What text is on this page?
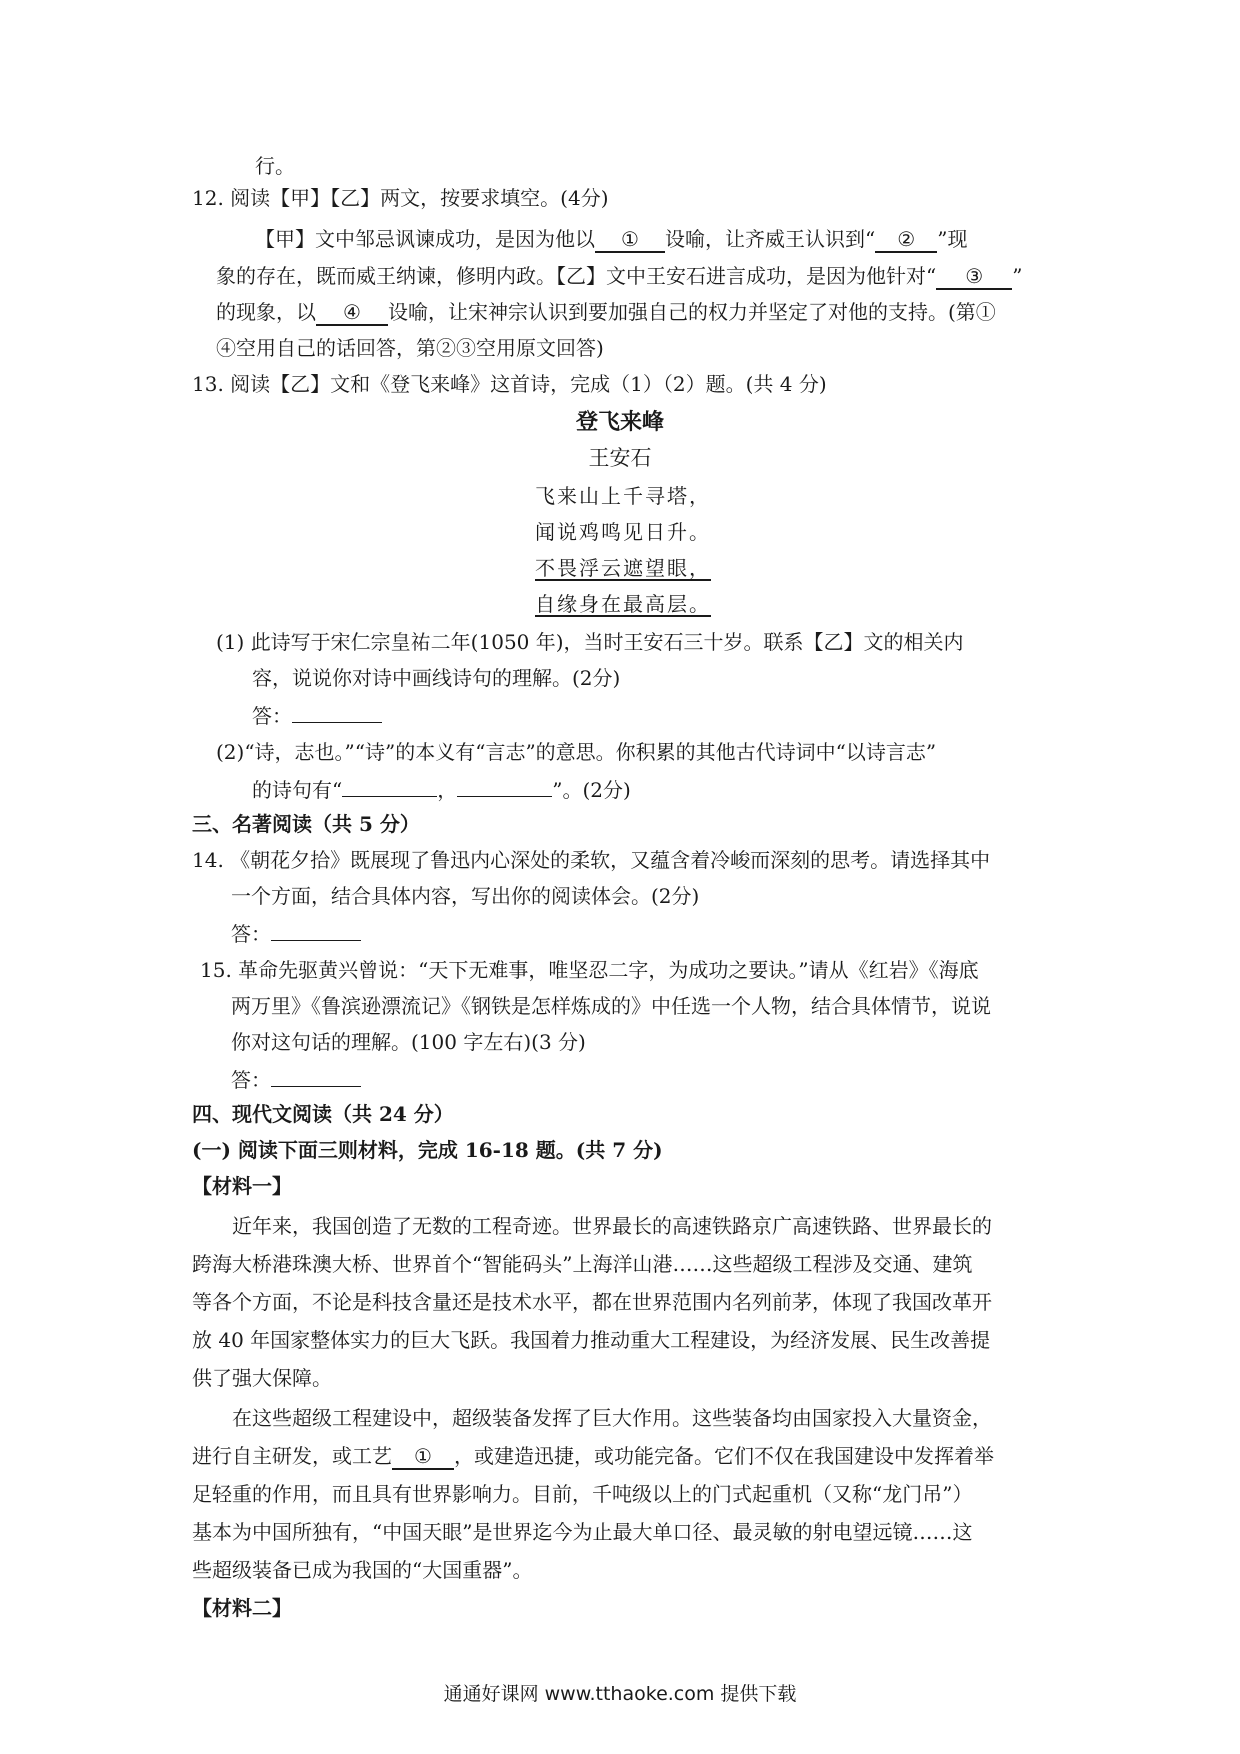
行。
12. 阅读【甲】【乙】两文，按要求填空。(4分)
【甲】文中邹忌讽谏成功，是因为他以 ① 设喻，让齐威王认识到“ ② ”现
象的存在，既而威王纳谏，修明内政。【乙】文中王安石进言成功，是因为他针对“ ③ ”
的现象，以 ④ 设喻，让宋神宗认识到要加强自己的权力并坚定了对他的支持。(第①
④空用自己的话回答，第②③空用原文回答)
13. 阅读【乙】文和《登飞来峰》这首诗，完成（1）（2）题。(共 4 分)
登飞来峰
王安石
飞来山上千寻塔，
闻说鸡鸣见日升。
不畏浮云遮望眼，
自缘身在最高层。
(1) 此诗写于宋仁宗皇祐二年(1050 年)，当时王安石三十岁。联系【乙】文的相关内
容，说说你对诗中画线诗句的理解。(2分)
答：
(2)“诗，志也。”“诗”的本义有“言志”的意思。你积累的其他古代诗词中“以诗言志”
的诗句有“	，	”。(2分)
三、名著阅读（共 5 分）
14. 《朝花夕拾》既展现了鲁迅内心深处的柔软，又蕴含着冷峻而深刻的思考。请选择其中
一个方面，结合具体内容，写出你的阅读体会。(2分)
答：
15. 革命先驱黄兴曾说：“天下无难事，唯坚忍二字，为成功之要诀。”请从《红岩》《海底
两万里》《鲁滨逊漂流记》《钢铁是怎样炼成的》中任选一个人物，结合具体情节，说说
你对这句话的理解。(100 字左右)(3 分)
答：
四、现代文阅读（共 24 分）
(一) 阅读下面三则材料，完成 16-18 题。(共 7 分)
【材料一】
近年来，我国创造了无数的工程奇迹。世界最长的高速铁路京广高速铁路、世界最长的
跨海大桥港珠澳大桥、世界首个“智能码头”上海洋山港……这些超级工程涉及交通、建筑
等各个方面，不论是科技含量还是技术水平，都在世界范围内名列前茅，体现了我国改革开
放 40 年国家整体实力的巨大飞跃。我国着力推动重大工程建设，为经济发展、民生改善提
供了强大保障。
在这些超级工程建设中，超级装备发挥了巨大作用。这些装备均由国家投入大量资金，
进行自主研发，或工艺 ① ，或建造迅捷，或功能完备。它们不仅在我国建设中发挥着举
足轻重的作用，而且具有世界影响力。目前，千吨级以上的门式起重机（又称“龙门吊”）
基本为中国所独有，“中国天眼”是世界迄今为止最大单口径、最灵敏的射电望远镜……这
些超级装备已成为我国的“大国重器”。
【材料二】
通通好课网 www.tthaoke.com 提供下载
